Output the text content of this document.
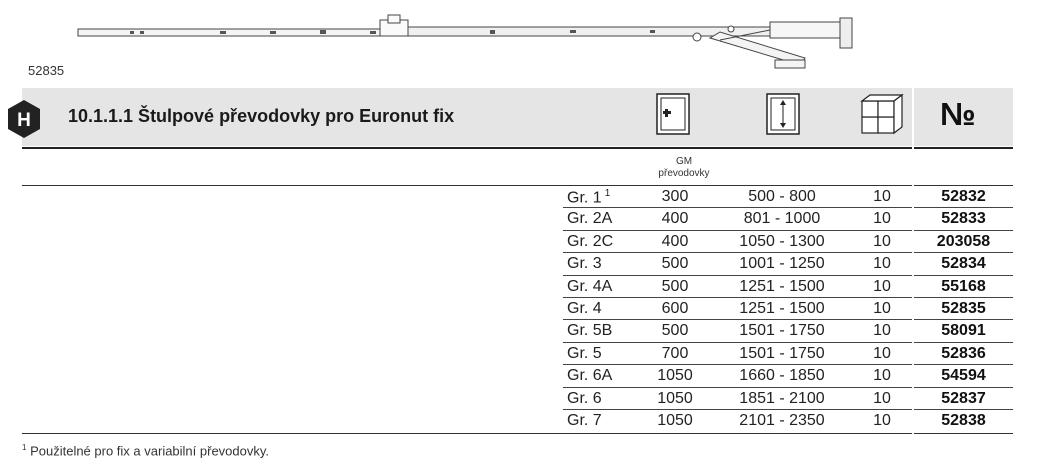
52835
H 10.1.1.1 Štulpové převodovky pro Euronut fix	№
GM
převodovky
Gr. 1 $^1$	300	500 - 800	10	52832
Gr. 2A	400	801 - 1000	10	52833
Gr. 2C	400	1050 - 1300	10	203058
Gr. 3	500	1001 - 1250	10	52834
Gr. 4A	500	1251 - 1500	10	55168
Gr. 4	600	1251 - 1500	10	52835
Gr. 5B	500	1501 - 1750	10	58091
Gr. 5	700	1501 - 1750	10	52836
Gr. 6A	1050	1660 - 1850	10	54594
Gr. 6	1050	1851 - 2100	10	52837
Gr. 7	1050	2101 - 2350	10	52838
$^1$ Použitelné pro fix a variabilní převodovky.
